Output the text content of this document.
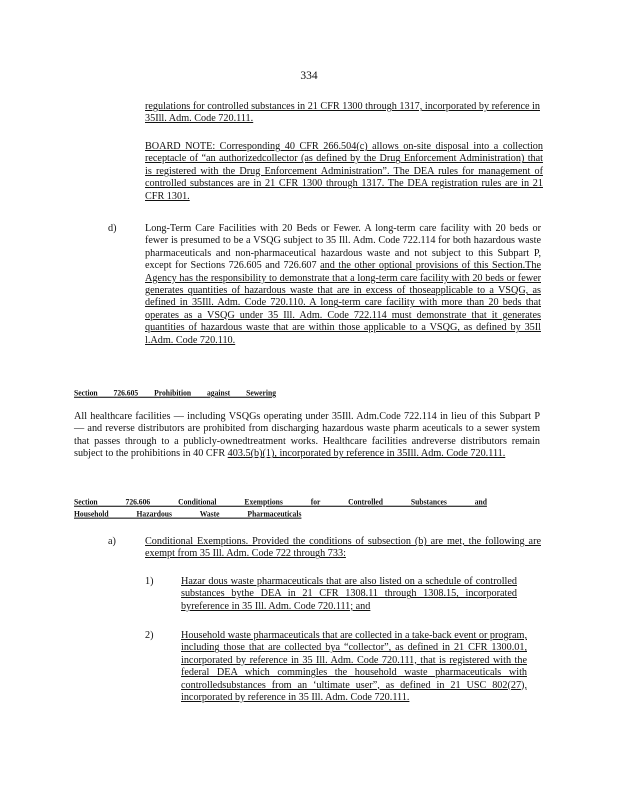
334

regulations for controlled substances in 21 CFR 1300 through 1317, incorporated by reference in 35Ill. Adm. Code 720.111.

BOARD NOTE: Corresponding 40 CFR 266.504(c) allows on-site disposal into a collection receptacle of “an authorizedcollector (as defined by the Drug Enforcement Administration) that is registered with the Drug Enforcement Administration”. The DEA rules for management of controlled substances are in 21 CFR 1300 through 1317. The DEA registration rules are in 21 CFR 1301.

d)	Long-Term Care Facilities with 20 Beds or Fewer. A long-term care facility with 20 beds or fewer is presumed to be a VSQG subject to 35 Ill. Adm. Code 722.114 for both hazardous waste pharmaceuticals and non-pharmaceutical hazardous waste and not subject to this Subpart P, except for Sections 726.605 and 726.607 and the other optional provisions of this Section.The Agency has the responsibility to demonstrate that a long-term care facility with 20 beds or fewer generates quantities of hazardous waste that are in excess of thoseapplicable to a VSQG, as defined in 35Ill. Adm. Code 720.110. A long-term care facility with more than 20 beds that operates as a VSQG under 35 Ill. Adm. Code 722.114 must demonstrate that it generates quantities of hazardous waste that are within those applicable to a VSQG, as defined by 35Il l.Adm. Code 720.110.

Section 726.605 Prohibition against Sewering

All healthcare facilities — including VSQGs operating under 35Ill. Adm.Code 722.114 in lieu of this Subpart P — and reverse distributors are prohibited from discharging hazardous waste pharm aceuticals to a sewer system that passes through to a publicly-ownedtreatment works. Healthcare facilities andreverse distributors remain subject to the prohibitions in 40 CFR 403.5(b)(1), incorporated by reference in 35Ill. Adm. Code 720.111.

Section 726.606 Conditional Exemptions for Controlled Substances and Household Hazardous Waste Pharmaceuticals
a)	Conditional Exemptions. Provided the conditions of subsection (b) are met, the following are exempt from 35 Ill. Adm. Code 722 through 733:

1)	Hazar dous waste pharmaceuticals that are also listed on a schedule of controlled substances bythe DEA in 21 CFR 1308.11 through 1308.15, incorporated byreference in 35 Ill. Adm. Code 720.111; and

2)	Household waste pharmaceuticals that are collected in a take-back event or program, including those that are collected bya “collector”, as defined in 21 CFR 1300.01, incorporated by reference in 35 Ill. Adm. Code 720.111, that is registered with the federal DEA which commingles the household waste pharmaceuticals with controlledsubstances from an ‘ultimate user”, as defined in 21 USC 802(27), incorporated by reference in 35 Ill. Adm. Code 720.111.
